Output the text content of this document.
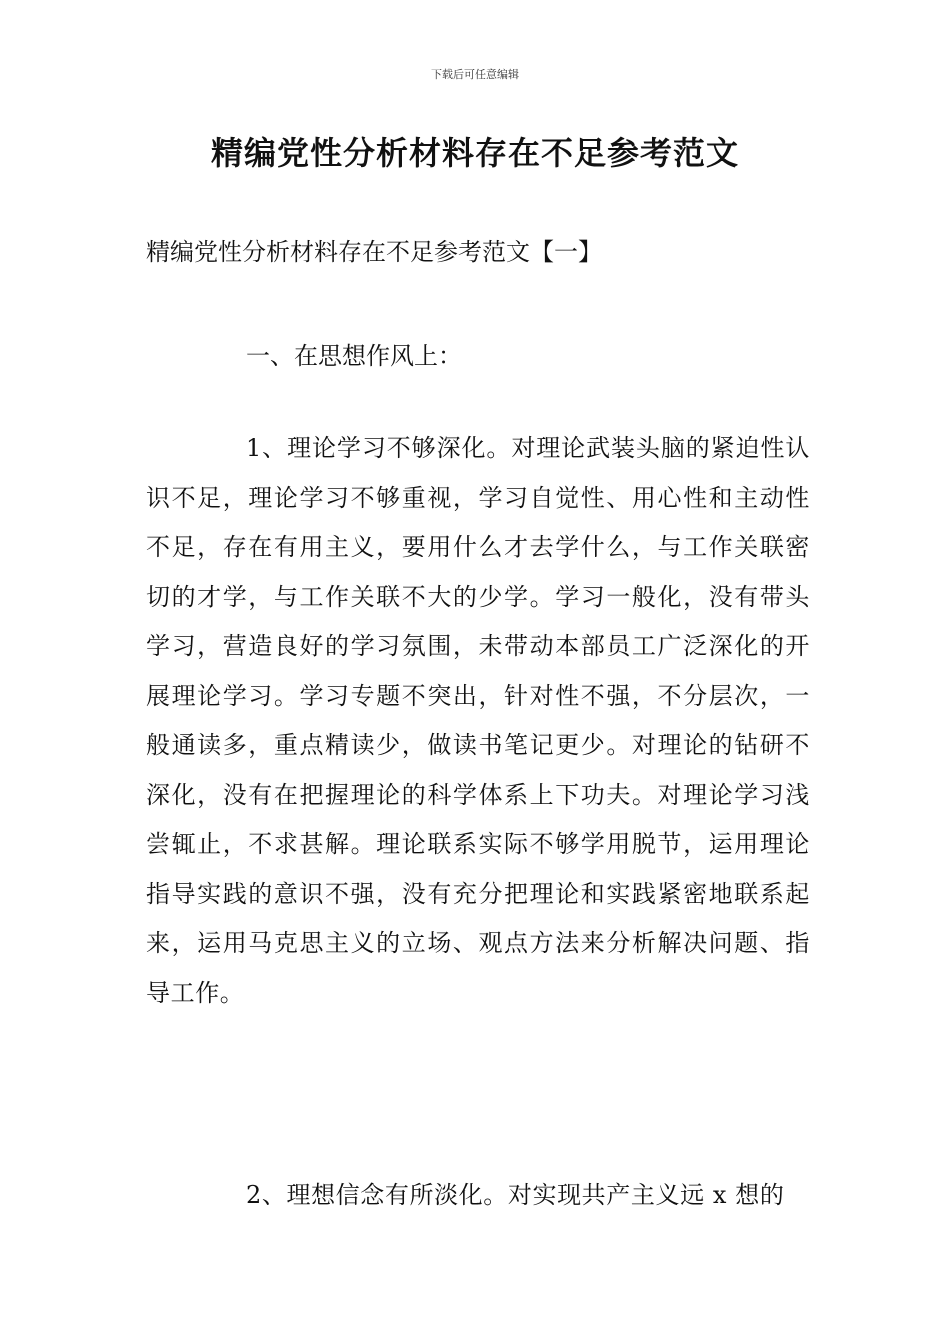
下载后可任意编辑
精编党性分析材料存在不足参考范文
精编党性分析材料存在不足参考范文【一】
一、在思想作风上：
1、理论学习不够深化。对理论武装头脑的紧迫性认识不足，理论学习不够重视，学习自觉性、用心性和主动性不足，存在有用主义，要用什么才去学什么，与工作关联密切的才学，与工作关联不大的少学。学习一般化，没有带头学习，营造良好的学习氛围，未带动本部员工广泛深化的开展理论学习。学习专题不突出，针对性不强，不分层次，一般通读多，重点精读少，做读书笔记更少。对理论的钻研不深化，没有在把握理论的科学体系上下功夫。对理论学习浅尝辄止，不求甚解。理论联系实际不够学用脱节，运用理论指导实践的意识不强，没有充分把理论和实践紧密地联系起来，运用马克思主义的立场、观点方法来分析解决问题、指导工作。
2、理想信念有所淡化。对实现共产主义远 x 想的
